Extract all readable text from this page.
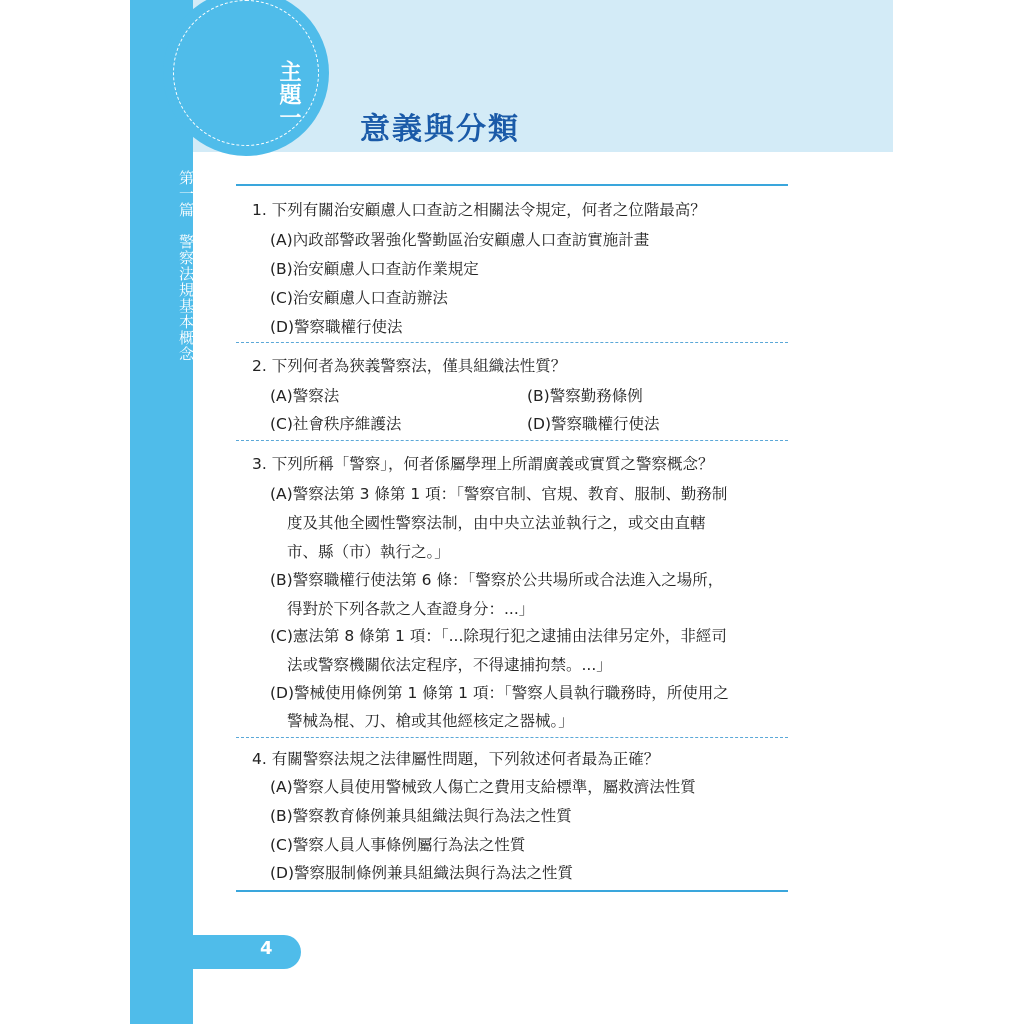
主題一
意義與分類
第一篇　警察法規基本概念
4
1. 下列有關治安顧慮人口查訪之相關法令規定，何者之位階最高？
(A)內政部警政署強化警勤區治安顧慮人口查訪實施計畫
(B)治安顧慮人口查訪作業規定
(C)治安顧慮人口查訪辦法
(D)警察職權行使法
2. 下列何者為狹義警察法，僅具組織法性質？
(A)警察法	(B)警察勤務條例
(C)社會秩序維護法	(D)警察職權行使法
3. 下列所稱「警察」，何者係屬學理上所謂廣義或實質之警察概念？
(A)警察法第 3 條第 1 項：「警察官制、官規、教育、服制、勤務制
度及其他全國性警察法制，由中央立法並執行之，或交由直轄
市、縣（市）執行之。」
(B)警察職權行使法第 6 條：「警察於公共場所或合法進入之場所，
得對於下列各款之人查證身分：...」
(C)憲法第 8 條第 1 項：「...除現行犯之逮捕由法律另定外，非經司
法或警察機關依法定程序，不得逮捕拘禁。...」
(D)警械使用條例第 1 條第 1 項：「警察人員執行職務時，所使用之
警械為棍、刀、槍或其他經核定之器械。」
4. 有關警察法規之法律屬性問題，下列敘述何者最為正確？
(A)警察人員使用警械致人傷亡之費用支給標準，屬救濟法性質
(B)警察教育條例兼具組織法與行為法之性質
(C)警察人員人事條例屬行為法之性質
(D)警察服制條例兼具組織法與行為法之性質
